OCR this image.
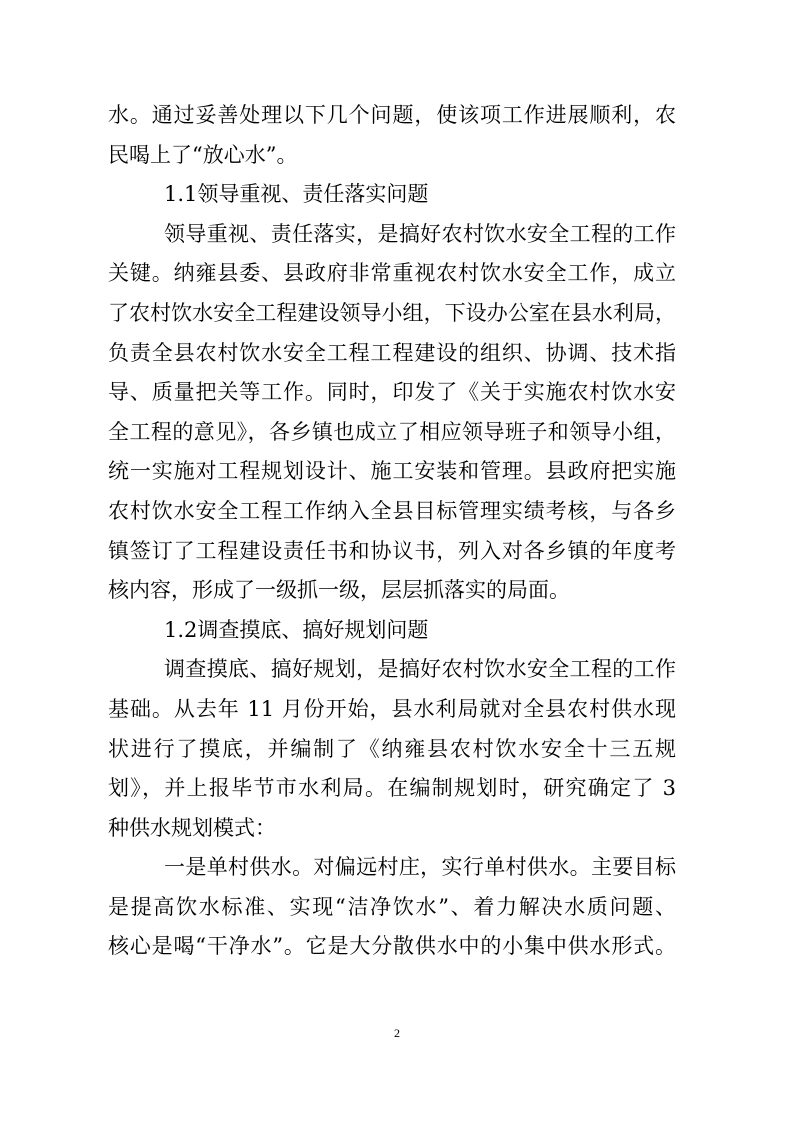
水。通过妥善处理以下几个问题，使该项工作进展顺利，农
民喝上了“放心水”。
1.1领导重视、责任落实问题
领导重视、责任落实，是搞好农村饮水安全工程的工作
关键。纳雍县委、县政府非常重视农村饮水安全工作，成立
了农村饮水安全工程建设领导小组，下设办公室在县水利局，
负责全县农村饮水安全工程工程建设的组织、协调、技术指
导、质量把关等工作。同时，印发了《关于实施农村饮水安
全工程的意见》，各乡镇也成立了相应领导班子和领导小组，
统一实施对工程规划设计、施工安装和管理。县政府把实施
农村饮水安全工程工作纳入全县目标管理实绩考核，与各乡
镇签订了工程建设责任书和协议书，列入对各乡镇的年度考
核内容，形成了一级抓一级，层层抓落实的局面。
1.2调查摸底、搞好规划问题
调查摸底、搞好规划，是搞好农村饮水安全工程的工作
基础。从去年 11 月份开始，县水利局就对全县农村供水现
状进行了摸底，并编制了《纳雍县农村饮水安全十三五规
划》，并上报毕节市水利局。在编制规划时，研究确定了 3
种供水规划模式：
一是单村供水。对偏远村庄，实行单村供水。主要目标
是提高饮水标准、实现“洁净饮水”、着力解决水质问题、
核心是喝“干净水”。它是大分散供水中的小集中供水形式。
2
